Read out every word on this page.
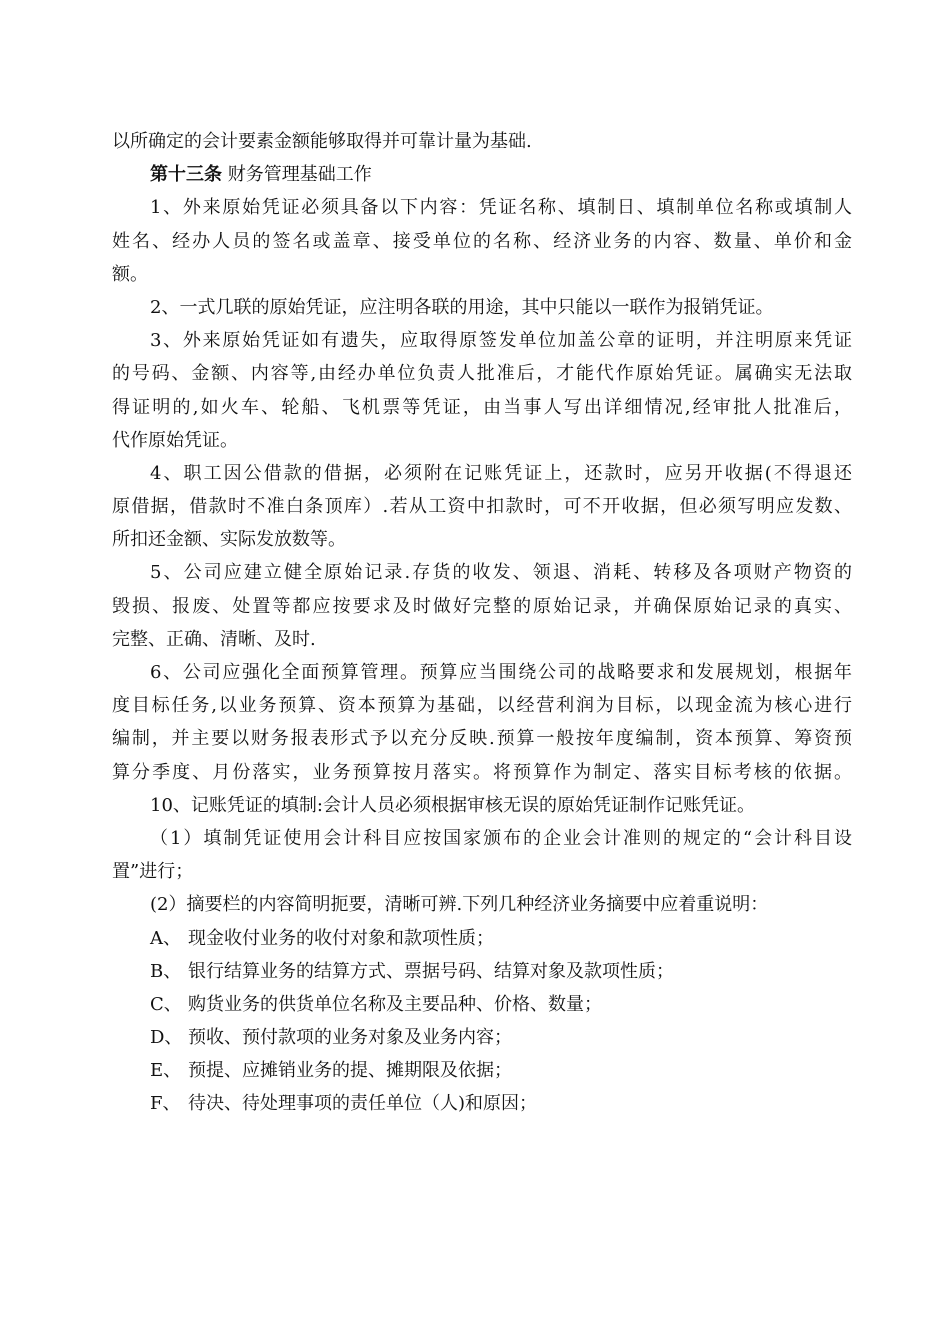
以所确定的会计要素金额能够取得并可靠计量为基础.
第十三条 财务管理基础工作
1、外来原始凭证必须具备以下内容：凭证名称、填制日、填制单位名称或填制人
姓名、经办人员的签名或盖章、接受单位的名称、经济业务的内容、数量、单价和金
额。
2、一式几联的原始凭证，应注明各联的用途，其中只能以一联作为报销凭证。
3、外来原始凭证如有遗失，应取得原签发单位加盖公章的证明，并注明原来凭证
的号码、金额、内容等,由经办单位负责人批准后，才能代作原始凭证。属确实无法取
得证明的,如火车、轮船、飞机票等凭证，由当事人写出详细情况,经审批人批准后，
代作原始凭证。
4、职工因公借款的借据，必须附在记账凭证上，还款时，应另开收据(不得退还
原借据，借款时不准白条顶库）.若从工资中扣款时，可不开收据，但必须写明应发数、
所扣还金额、实际发放数等。
5、公司应建立健全原始记录.存货的收发、领退、消耗、转移及各项财产物资的
毁损、报废、处置等都应按要求及时做好完整的原始记录，并确保原始记录的真实、
完整、正确、清晰、及时.
6、公司应强化全面预算管理。预算应当围绕公司的战略要求和发展规划，根据年
度目标任务,以业务预算、资本预算为基础，以经营利润为目标，以现金流为核心进行
编制，并主要以财务报表形式予以充分反映.预算一般按年度编制，资本预算、筹资预
算分季度、月份落实，业务预算按月落实。将预算作为制定、落实目标考核的依据。
10、记账凭证的填制:会计人员必须根据审核无误的原始凭证制作记账凭证。
（1）填制凭证使用会计科目应按国家颁布的企业会计准则的规定的“会计科目设
置”进行；
(2）摘要栏的内容简明扼要，清晰可辨.下列几种经济业务摘要中应着重说明：
A、 现金收付业务的收付对象和款项性质；
B、 银行结算业务的结算方式、票据号码、结算对象及款项性质；
C、 购货业务的供货单位名称及主要品种、价格、数量；
D、 预收、预付款项的业务对象及业务内容；
E、 预提、应摊销业务的提、摊期限及依据；
F、 待决、待处理事项的责任单位（人)和原因；
